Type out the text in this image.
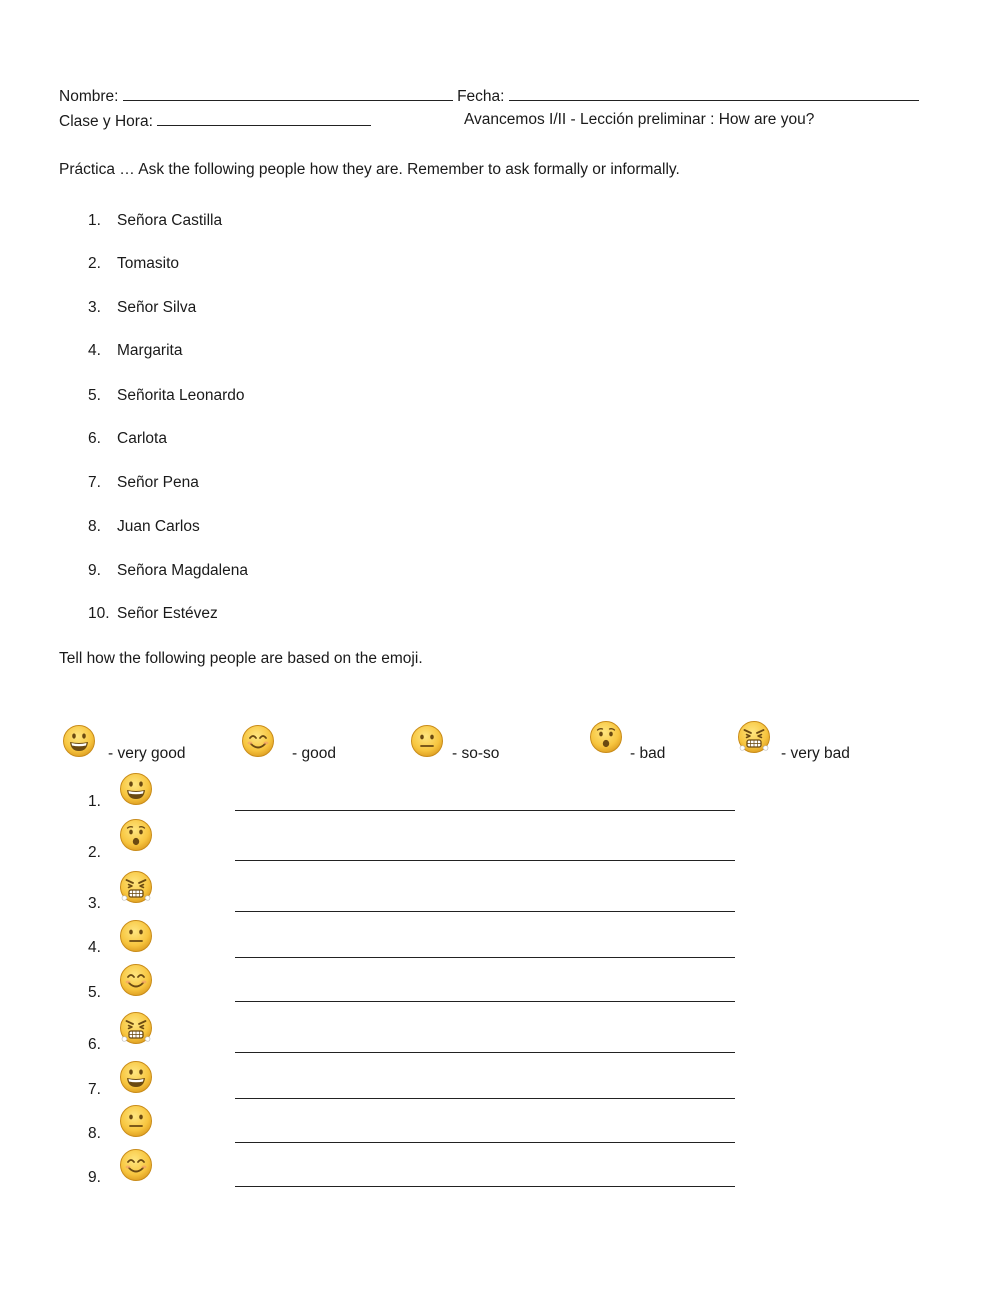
Nombre:	Fecha:
Clase y Hora:	Avancemos I/II - Lección preliminar : How are you?
Práctica … Ask the following people how they are. Remember to ask formally or informally.
1. Señora Castilla
2. Tomasito
3. Señor Silva
4. Margarita
5. Señorita Leonardo
6. Carlota
7. Señor Pena
8. Juan Carlos
9. Señora Magdalena
10. Señor Estévez
Tell how the following people are based on the emoji.
- very good	- good	- so-so	- bad	- very bad
1.
2.
3.
4.
5.
6.
7.
8.
9.
